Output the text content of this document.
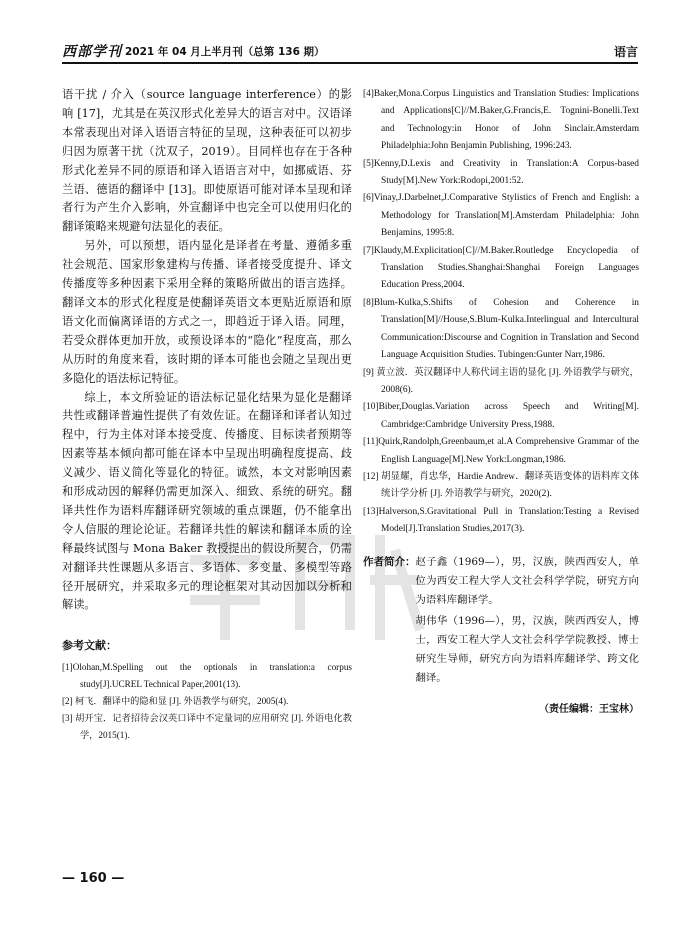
西部学刊 2021 年 04 月上半月刊（总第 136 期）	语言

语干扰 / 介入（source language interference）的影响 [17]，尤其是在英汉形式化差异大的语言对中。汉语译本常表现出对译入语语言特征的呈现，这种表征可以初步归因为原著干扰（沈双子，2019）。目同样也存在于各种形式化差异不同的原语和译入语语言对中，如挪威语、芬兰语、德语的翻译中 [13]。即使原语可能对译本呈现和译者行为产生介入影响，外宣翻译中也完全可以使用归化的翻译策略来规避句法显化的表征。

另外，可以预想，语内显化是译者在考量、遵循多重社会规范、国家形象建构与传播、译者接受度提升、译文传播度等多种因素下采用全释的策略所做出的语言选择。翻译文本的形式化程度是使翻译英语文本更贴近原语和原语文化而偏离译语的方式之一，即趋近于译入语。同理，若受众群体更加开放，或预设译本的“隐化”程度高，那么从历时的角度来看，该时期的译本可能也会随之呈现出更多隐化的语法标记特征。

综上，本文所验证的语法标记显化结果为显化是翻译共性或翻译普遍性提供了有效佐证。在翻译和译者认知过程中，行为主体对译本接受度、传播度、目标读者预期等因素等基本倾向都可能在译本中呈现出明确程度提高、歧义减少、语义简化等显化的特征。诚然，本文对影响因素和形成动因的解释仍需更加深入、细致、系统的研究。翻译共性作为语料库翻译研究领域的重点课题，仍不能拿出令人信服的理论论证。若翻译共性的解读和翻译本质的诠释最终试图与 Mona Baker 教授提出的假设所契合，仍需对翻译共性课题从多语言、多语体、多变量、多模型等路径开展研究，并采取多元的理论框架对其动因加以分析和解读。

参考文献：

[1]Olohan,M.Spelling out the optionals in translation:a corpus study[J].UCREL Technical Paper,2001(13).

[2] 柯飞．翻译中的隐和显 [J]. 外语教学与研究，2005(4).

[3] 胡开宝．记者招待会汉英口译中不定量词的应用研究 [J]. 外语电化教学，2015(1).

[4]Baker,Mona.Corpus Linguistics and Translation Studies: Implications and Applications[C]//M.Baker,G.Francis,E. Tognini-Bonelli.Text and Technology:in Honor of John Sinclair.Amsterdam Philadelphia:John Benjamin Publishing, 1996:243.

[5]Kenny,D.Lexis and Creativity in Translation:A Corpus-based Study[M].New York:Rodopi,2001:52.

[6]Vinay,J.Darbelnet,J.Comparative Stylistics of French and English: a Methodology for Translation[M].Amsterdam Philadelphia: John Benjamins, 1995:8.

[7]Klaudy,M.Explicitation[C]//M.Baker.Routledge Encyclopedia of Translation Studies.Shanghai:Shanghai Foreign Languages Education Press,2004.

[8]Blum-Kulka,S.Shifts of Cohesion and Coherence in Translation[M]//House,S.Blum-Kulka.Interlingual and Intercultural Communication:Discourse and Cognition in Translation and Second Language Acquisition Studies. Tubingen:Gunter Narr,1986.

[9] 黄立波．英汉翻译中人称代词主语的显化 [J]. 外语教学与研究，2008(6).

[10]Biber,Douglas.Variation across Speech and Writing[M]. Cambridge:Cambridge University Press,1988.

[11]Quirk,Randolph,Greenbaum,et al.A Comprehensive Grammar of the English Language[M].New York:Longman,1986.

[12] 胡显耀，肖忠华，Hardie Andrew．翻译英语变体的语料库文体统计学分析 [J]. 外语教学与研究，2020(2).

[13]Halverson,S.Gravitational Pull in Translation:Testing a Revised Model[J].Translation Studies,2017(3).

作者简介： 赵子鑫（1969—），男，汉族，陕西西安人，单位为西安工程大学人文社会科学学院，研究方向为语料库翻译学。

胡伟华（1996—），男，汉族，陕西西安人，博士，西安工程大学人文社会科学学院教授、博士研究生导师，研究方向为语料库翻译学、跨文化翻译。

（责任编辑：王宝林）
— 160 —
